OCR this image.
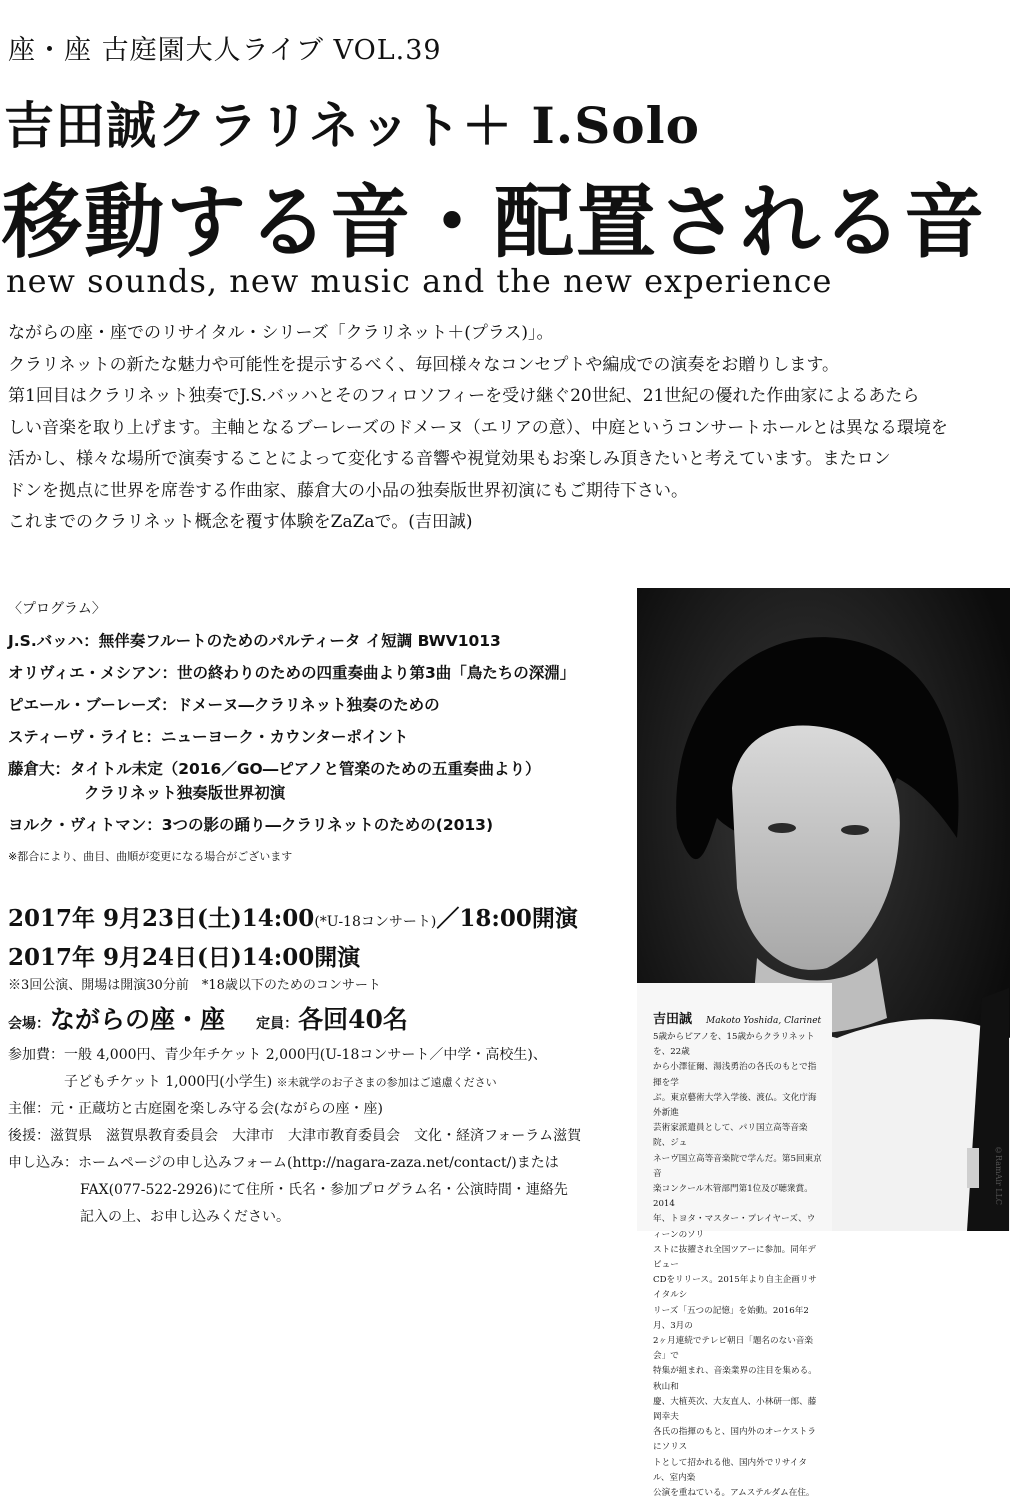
座・座 古庭園大人ライブ VOL.39
吉田誠クラリネット＋ I.Solo
移動する音・配置される音
new sounds, new music and the new experience

ながらの座・座でのリサイタル・シリーズ「クラリネット＋(プラス)」。

クラリネットの新たな魅力や可能性を提示するべく、毎回様々なコンセプトや編成での演奏をお贈りします。

第1回目はクラリネット独奏でJ.S.バッハとそのフィロソフィーを受け継ぐ20世紀、21世紀の優れた作曲家によるあたら

しい音楽を取り上げます。主軸となるブーレーズのドメーヌ（エリアの意）、中庭というコンサートホールとは異なる環境を

活かし、様々な場所で演奏することによって変化する音響や視覚効果もお楽しみ頂きたいと考えています。またロン

ドンを拠点に世界を席巻する作曲家、藤倉大の小品の独奏版世界初演にもご期待下さい。

これまでのクラリネット概念を覆す体験をZaZaで。(吉田誠)

吉田誠 Makoto Yoshida, Clarinet
5歳からピアノを、15歳からクラリネットを、22歳
から小澤征爾、湯浅勇治の各氏のもとで指揮を学
ぶ。東京藝術大学入学後、渡仏。文化庁海外新進
芸術家派遣員として、パリ国立高等音楽院、ジュ
ネーヴ国立高等音楽院で学んだ。第5回東京音
楽コンクール木管部門第1位及び聴衆賞。2014
年、トヨタ・マスター・プレイヤーズ、ウィーンのソリ
ストに抜擢され全国ツアーに参加。同年デビュー
CDをリリース。2015年より自主企画リサイタルシ
リーズ「五つの記憶」を始動。2016年2月、3月の
2ヶ月連続でテレビ朝日「題名のない音楽会」で
特集が組まれ、音楽業界の注目を集める。秋山和
慶、大植英次、大友直人、小林研一郎、藤岡幸夫
各氏の指揮のもと、国内外のオーケストラにソリス
トとして招かれる他、国内外でリサイタル、室内楽
公演を重ねている。アムステルダム在住。
©RamAir LLC
〈プログラム〉
J.S.バッハ：無伴奏フルートのためのパルティータ イ短調 BWV1013
オリヴィエ・メシアン：世の終わりのための四重奏曲より第3曲「鳥たちの深淵」
ピエール・ブーレーズ：ドメーヌ―クラリネット独奏のための
スティーヴ・ライヒ：ニューヨーク・カウンターポイント
藤倉大：タイトル未定（2016／GO―ピアノと管楽のための五重奏曲より）
クラリネット独奏版世界初演
ヨルク・ヴィトマン：3つの影の踊り―クラリネットのための(2013)
※都合により、曲目、曲順が変更になる場合がございます
2017年 9月23日(土)14:00(*U-18コンサート)／18:00開演
2017年 9月24日(日)14:00開演
※3回公演、開場は開演30分前　*18歳以下のためのコンサート
会場：ながらの座・座 定員：各回40名
参加費：一般 4,000円、青少年チケット 2,000円(U-18コンサート／中学・高校生)、
子どもチケット 1,000円(小学生) ※未就学のお子さまの参加はご遠慮ください
主催：元・正蔵坊と古庭園を楽しみ守る会(ながらの座・座)
後援：滋賀県　滋賀県教育委員会　大津市　大津市教育委員会　文化・経済フォーラム滋賀
申し込み：ホームページの申し込みフォーム(http://nagara-zaza.net/contact/)または
FAX(077-522-2926)にて住所・氏名・参加プログラム名・公演時間・連絡先
記入の上、お申し込みください。
